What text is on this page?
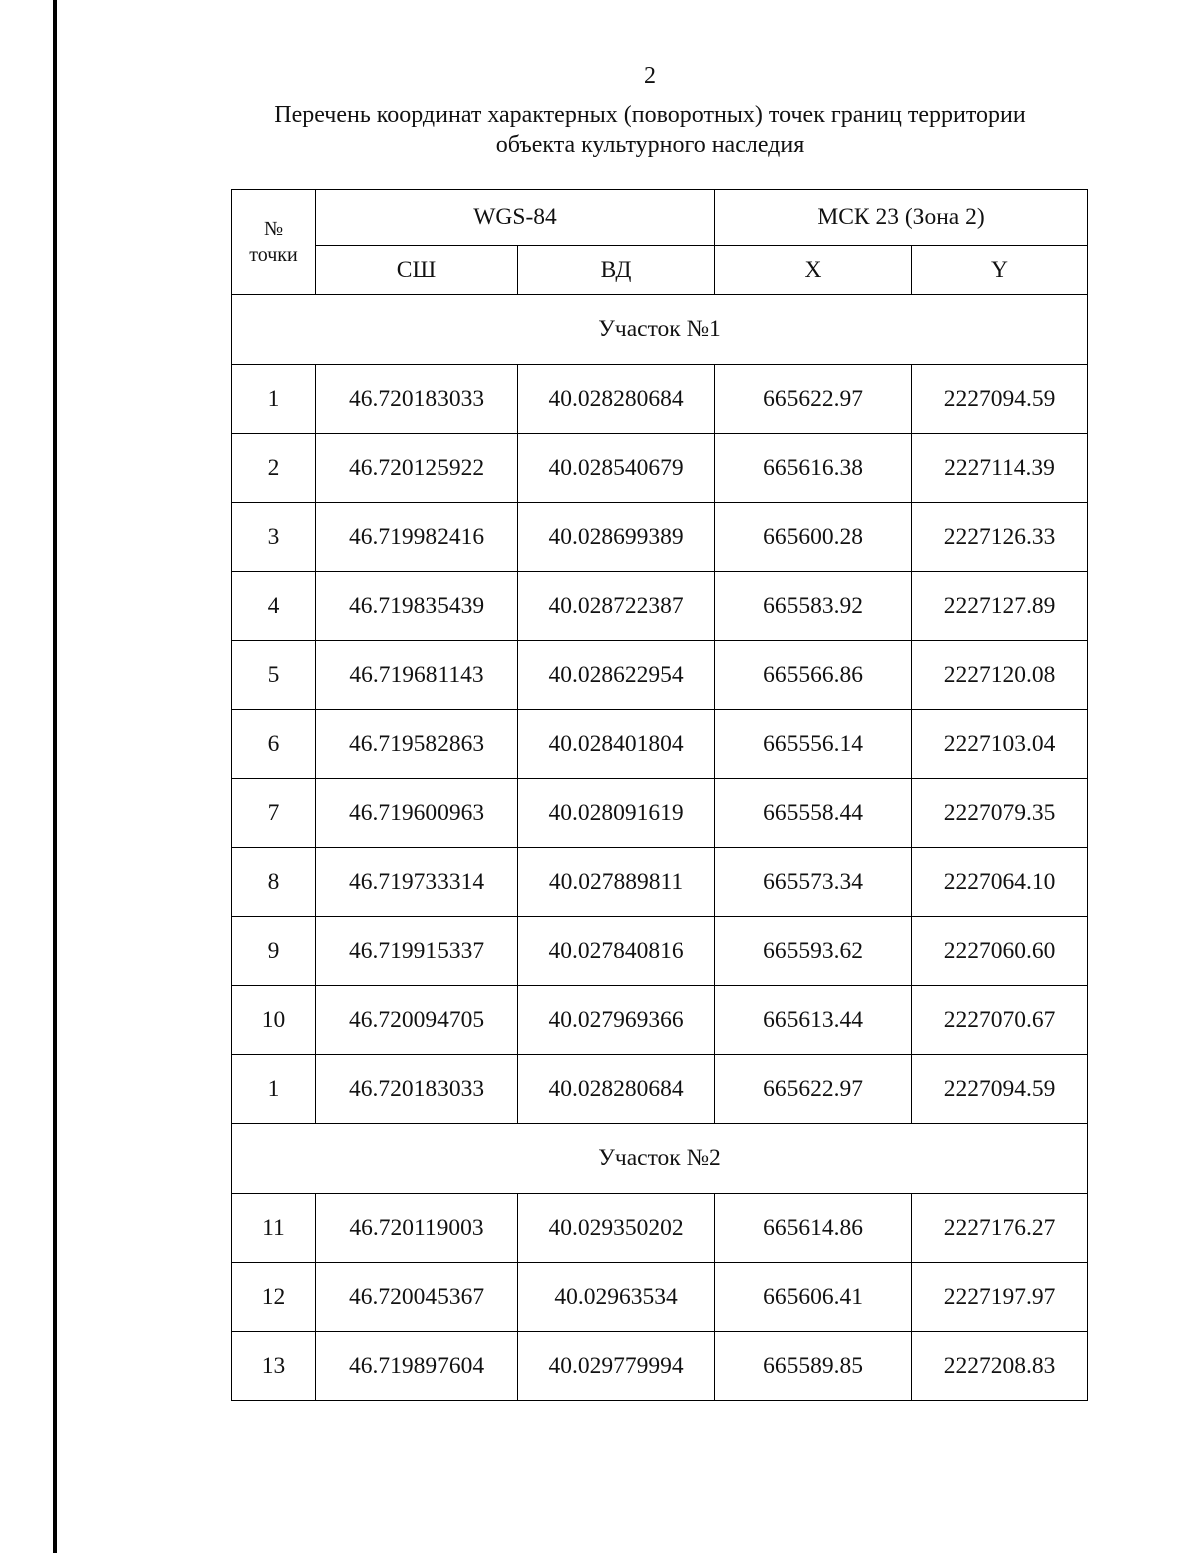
2
Перечень координат характерных (поворотных) точек границ территории
объекта культурного наследия
№
точки	WGS-84		МСК 23 (Зона 2)	
	СШ	ВД	X	Y
Участок №1				
1	46.720183033	40.028280684	665622.97	2227094.59
2	46.720125922	40.028540679	665616.38	2227114.39
3	46.719982416	40.028699389	665600.28	2227126.33
4	46.719835439	40.028722387	665583.92	2227127.89
5	46.719681143	40.028622954	665566.86	2227120.08
6	46.719582863	40.028401804	665556.14	2227103.04
7	46.719600963	40.028091619	665558.44	2227079.35
8	46.719733314	40.027889811	665573.34	2227064.10
9	46.719915337	40.027840816	665593.62	2227060.60
10	46.720094705	40.027969366	665613.44	2227070.67
1	46.720183033	40.028280684	665622.97	2227094.59
Участок №2				
11	46.720119003	40.029350202	665614.86	2227176.27
12	46.720045367	40.02963534	665606.41	2227197.97
13	46.719897604	40.029779994	665589.85	2227208.83
